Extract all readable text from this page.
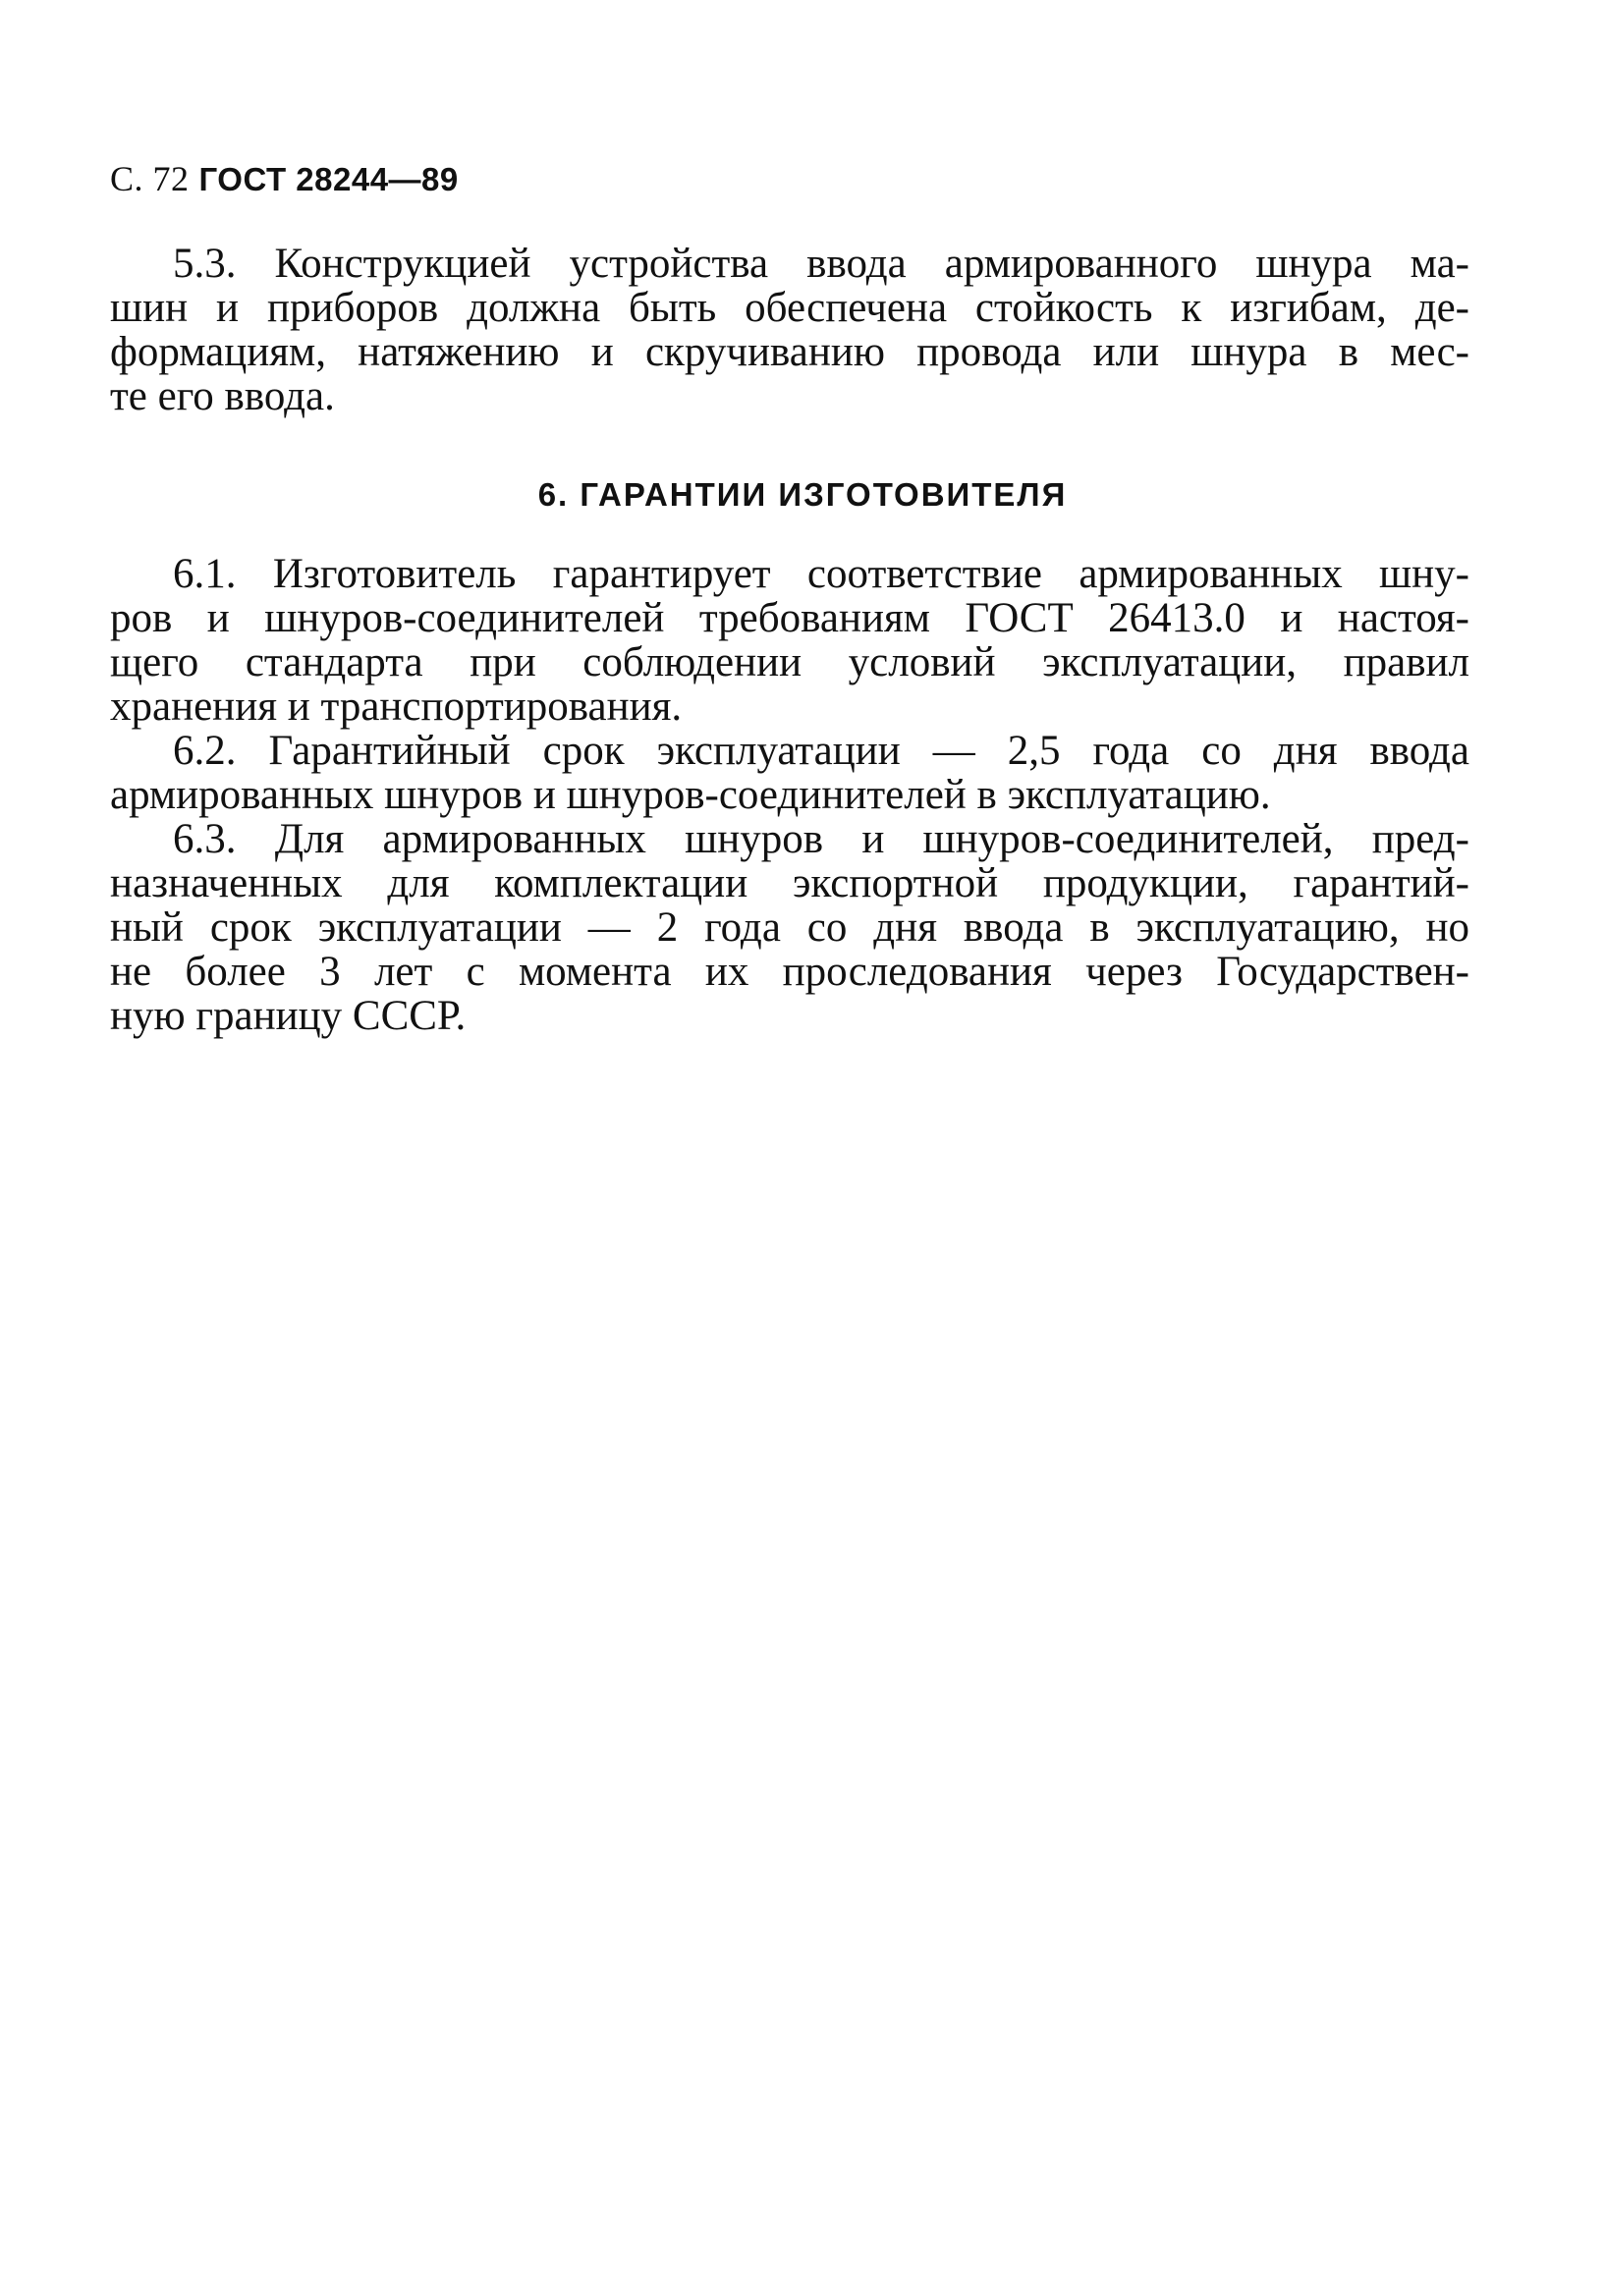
С. 72 ГОСТ 28244—89
5.3. Конструкцией устройства ввода армированного шнура ма-
шин и приборов должна быть обеспечена стойкость к изгибам, де-
формациям, натяжению и скручиванию провода или шнура в мес-
те его ввода.
6. ГАРАНТИИ ИЗГОТОВИТЕЛЯ
6.1. Изготовитель гарантирует соответствие армированных шну-
ров и шнуров-соединителей требованиям ГОСТ 26413.0 и настоя-
щего стандарта при соблюдении условий эксплуатации, правил
хранения и транспортирования.
6.2. Гарантийный срок эксплуатации — 2,5 года со дня ввода
армированных шнуров и шнуров-соединителей в эксплуатацию.
6.3. Для армированных шнуров и шнуров-соединителей, пред-
назначенных для комплектации экспортной продукции, гарантий-
ный срок эксплуатации — 2 года со дня ввода в эксплуатацию, но
не более 3 лет с момента их проследования через Государствен-
ную границу СССР.
